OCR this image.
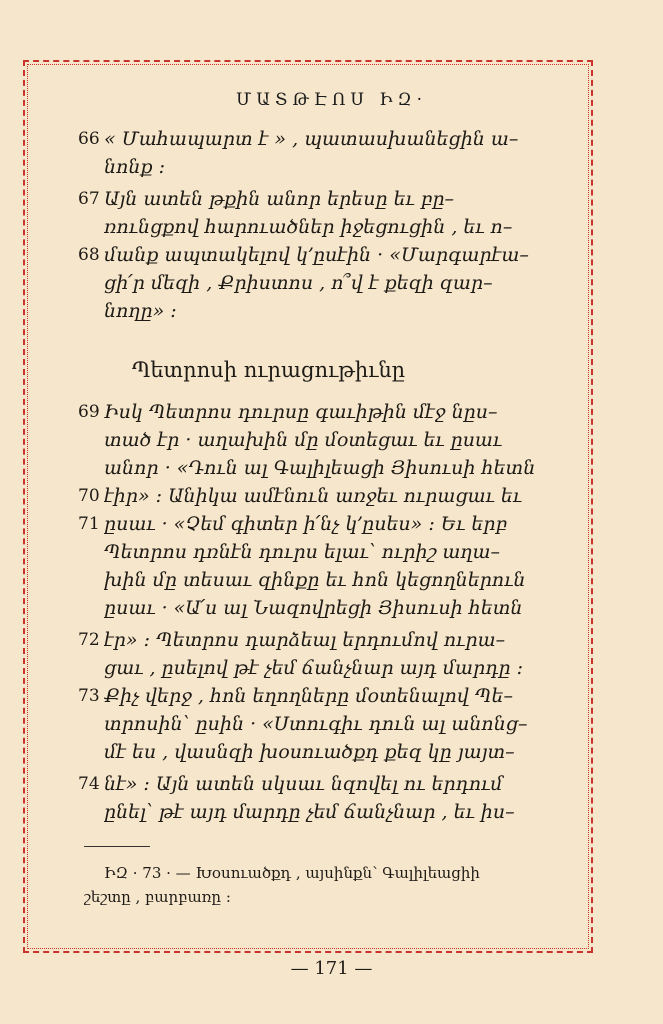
ՄԱՏԹԷՈՍ ԻԶ·
66 « Մահապարտ է » , պատասխանեցին ա–
նոնք ։
67 Այն ատեն թքին անոր երեսը եւ բը–
ռունցքով հարուածներ իջեցուցին , եւ ո–
68 մանք ապտակելով կ՚ըսէին · «Մարգարէա–
ցի՛ր մեզի , Քրիստոս , ո՞վ է քեզի զար–
նողը» ։
Պետրոսի ուրացութիւնը
69 Իսկ Պետրոս դուրսը գաւիթին մէջ նըս–
տած էր · աղախին մը մօտեցաւ եւ ըսաւ
անոր · «Դուն ալ Գալիլեացի Յիսուսի հետն
70 էիր» ։ Անիկա ամէնուն առջեւ ուրացաւ եւ
71 ըսաւ · «Չեմ գիտեր ի՛նչ կ՚ըսես» ։ Եւ երբ
Պետրոս դռնէն դուրս ելաւ՝ ուրիշ աղա–
խին մը տեսաւ զինքը եւ հոն կեցողներուն
ըսաւ · «Ա՛ս ալ Նազովրեցի Յիսուսի հետն
72 էր» ։ Պետրոս դարձեալ երդումով ուրա–
ցաւ , ըսելով թէ չեմ ճանչնար այդ մարդը ։
73 Քիչ վերջ , հոն եղողները մօտենալով Պե–
տրոսին՝ ըսին · «Ստուգիւ դուն ալ անոնց–
մէ ես , վասնզի խօսուածքդ քեզ կը յայտ–
74 նէ» ։ Այն ատեն սկսաւ նզովել ու երդում
ընել՝ թէ այդ մարդը չեմ ճանչնար , եւ իս–
ԻԶ · 73 · — Խօսուածքդ , այսինքն՝ Գալիլեացիի
շեշտը , բարբառը ։
— 171 —
